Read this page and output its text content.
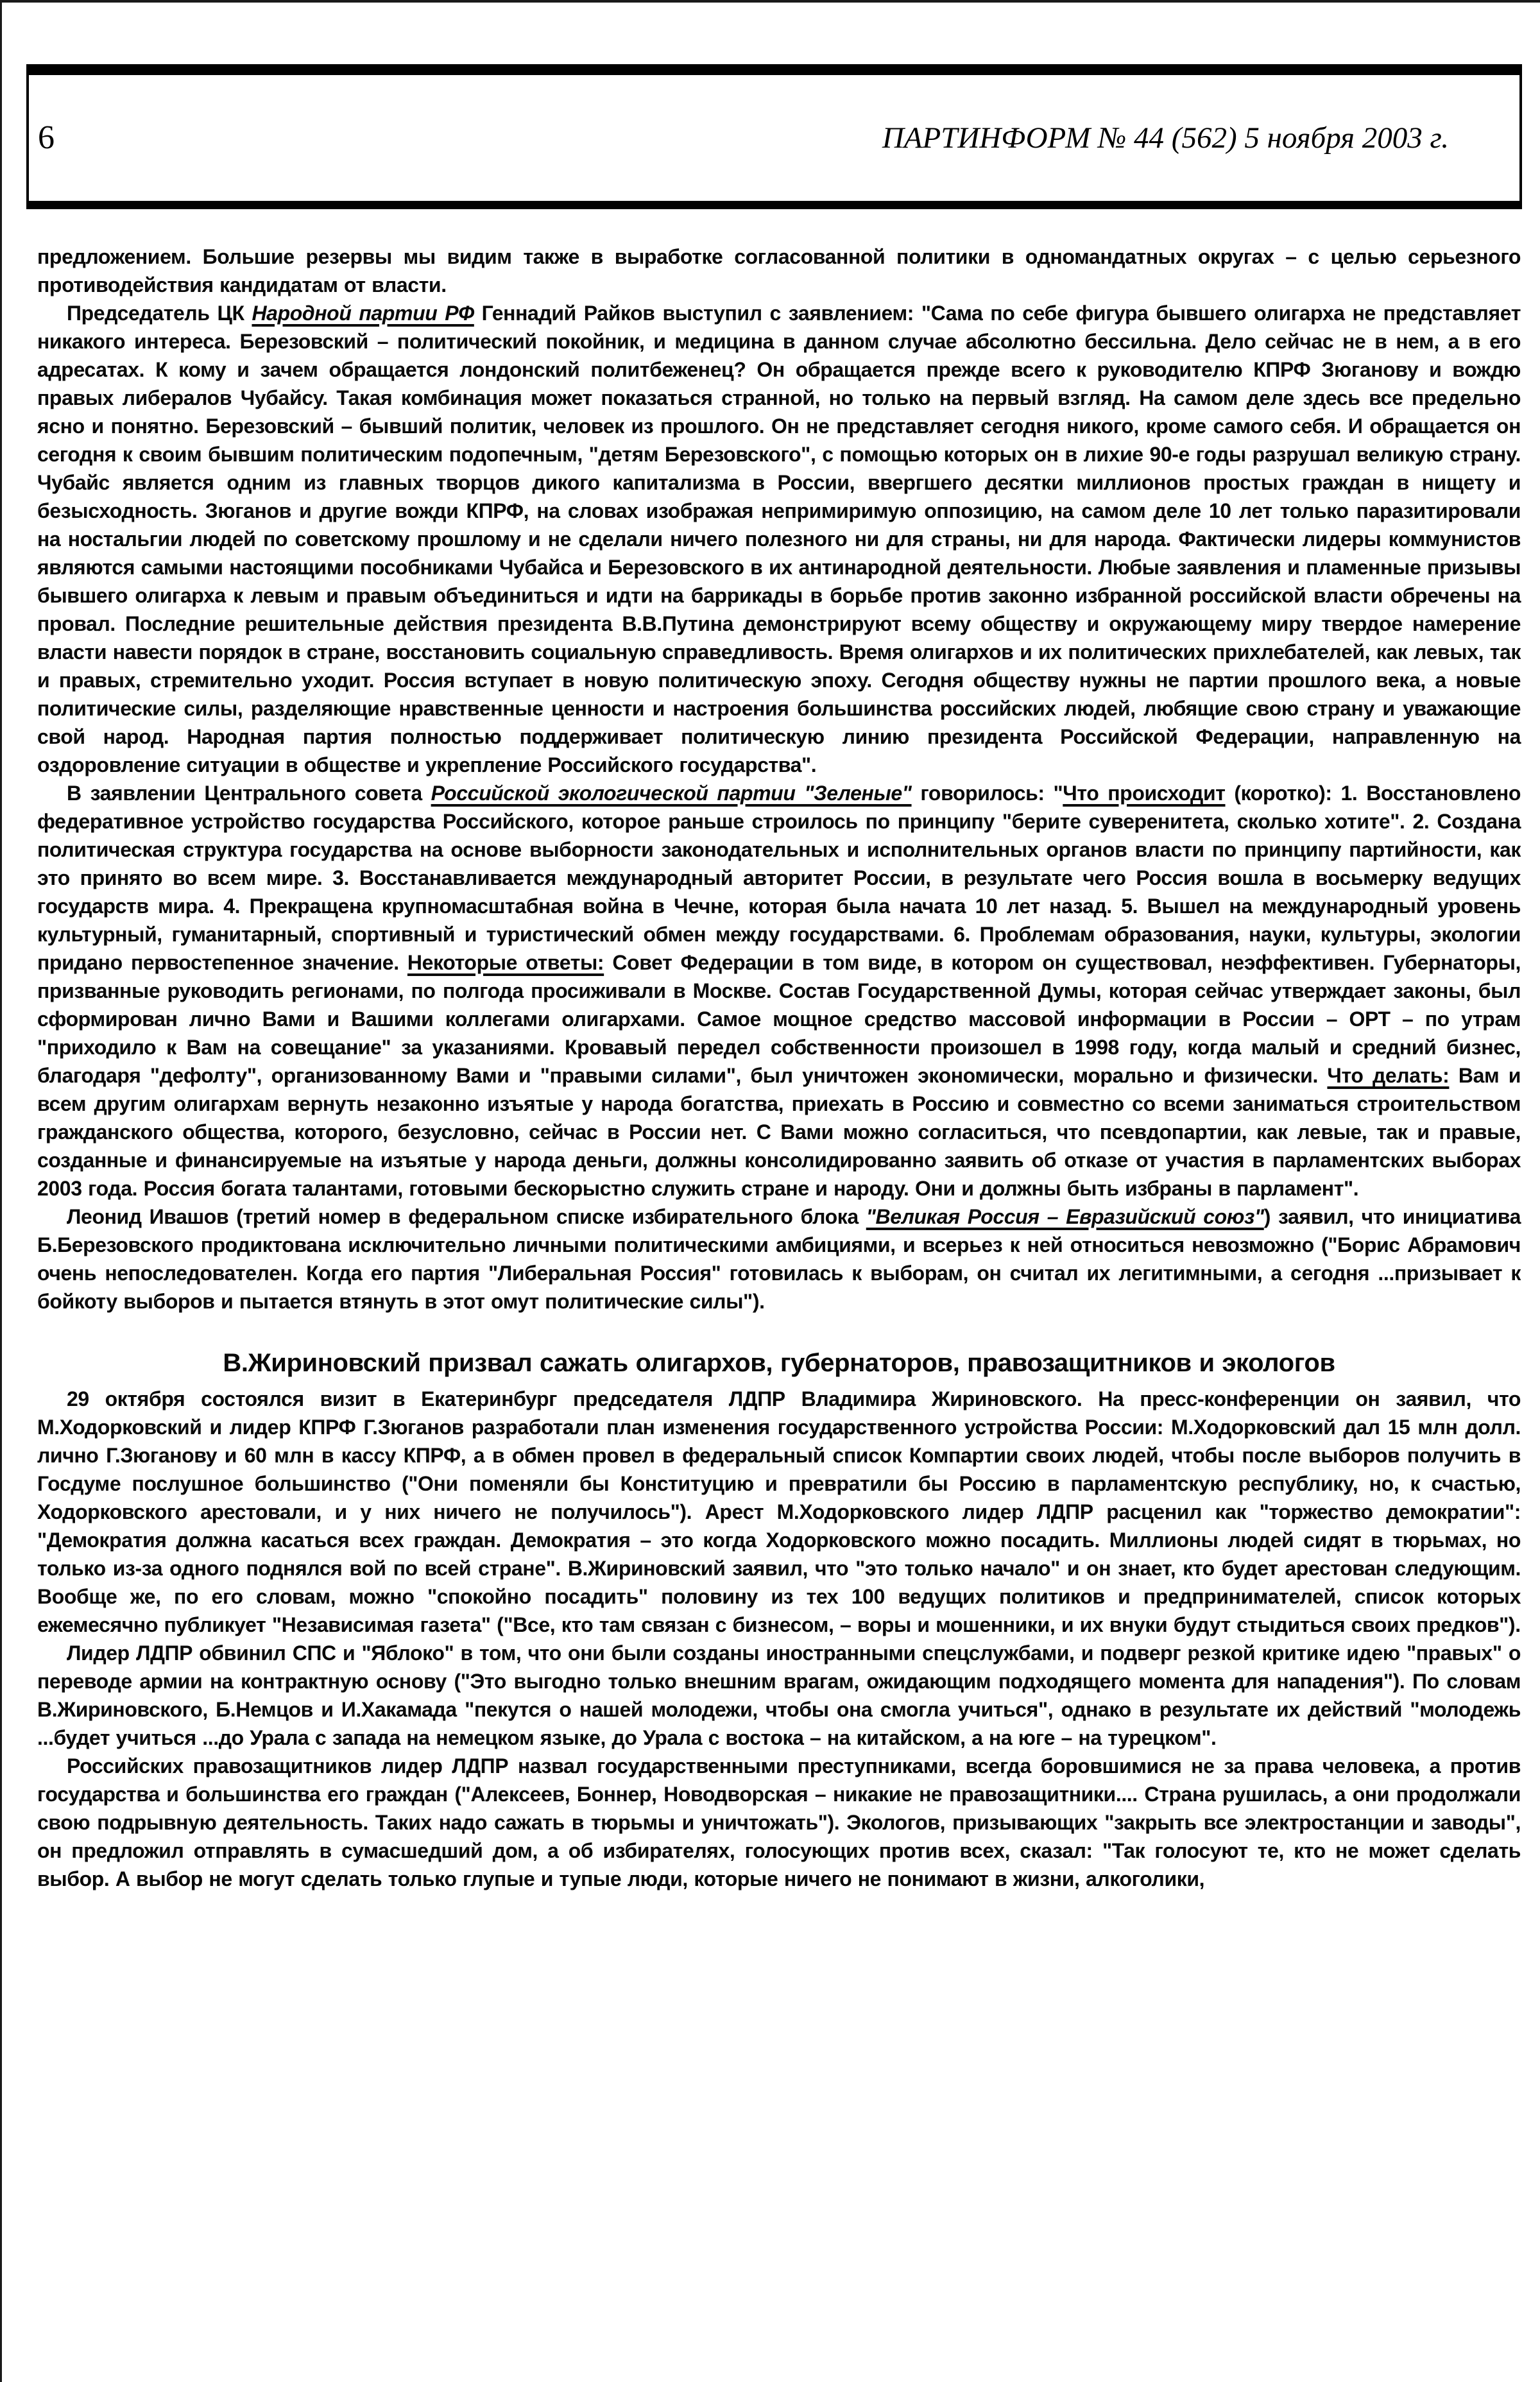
6	ПАРТИНФОРМ № 44 (562) 5 ноября 2003 г.

предложением. Большие резервы мы видим также в выработке согласованной политики в одномандатных округах – с целью серьезного противодействия кандидатам от власти.

Председатель ЦК Народной партии РФ Геннадий Райков выступил с заявлением: "Сама по себе фигура бывшего олигарха не представляет никакого интереса. Березовский – политический покойник, и медицина в данном случае абсолютно бессильна. Дело сейчас не в нем, а в его адресатах. К кому и зачем обращается лондонский политбеженец? Он обращается прежде всего к руководителю КПРФ Зюганову и вождю правых либералов Чубайсу. Такая комбинация может показаться странной, но только на первый взгляд. На самом деле здесь все предельно ясно и понятно. Березовский – бывший политик, человек из прошлого. Он не представляет сегодня никого, кроме самого себя. И обращается он сегодня к своим бывшим политическим подопечным, "детям Березовского", с помощью которых он в лихие 90-е годы разрушал великую страну. Чубайс является одним из главных творцов дикого капитализма в России, ввергшего десятки миллионов простых граждан в нищету и безысходность. Зюганов и другие вожди КПРФ, на словах изображая непримиримую оппозицию, на самом деле 10 лет только паразитировали на ностальгии людей по советскому прошлому и не сделали ничего полезного ни для страны, ни для народа. Фактически лидеры коммунистов являются самыми настоящими пособниками Чубайса и Березовского в их антинародной деятельности. Любые заявления и пламенные призывы бывшего олигарха к левым и правым объединиться и идти на баррикады в борьбе против законно избранной российской власти обречены на провал. Последние решительные действия президента В.В.Путина демонстрируют всему обществу и окружающему миру твердое намерение власти навести порядок в стране, восстановить социальную справедливость. Время олигархов и их политических прихлебателей, как левых, так и правых, стремительно уходит. Россия вступает в новую политическую эпоху. Сегодня обществу нужны не партии прошлого века, а новые политические силы, разделяющие нравственные ценности и настроения большинства российских людей, любящие свою страну и уважающие свой народ. Народная партия полностью поддерживает политическую линию президента Российской Федерации, направленную на оздоровление ситуации в обществе и укрепление Российского государства".

В заявлении Центрального совета Российской экологической партии "Зеленые" говорилось: "Что происходит (коротко): 1. Восстановлено федеративное устройство государства Российского, которое раньше строилось по принципу "берите суверенитета, сколько хотите". 2. Создана политическая структура государства на основе выборности законодательных и исполнительных органов власти по принципу партийности, как это принято во всем мире. 3. Восстанавливается международный авторитет России, в результате чего Россия вошла в восьмерку ведущих государств мира. 4. Прекращена крупномасштабная война в Чечне, которая была начата 10 лет назад. 5. Вышел на международный уровень культурный, гуманитарный, спортивный и туристический обмен между государствами. 6. Проблемам образования, науки, культуры, экологии придано первостепенное значение. Некоторые ответы: Совет Федерации в том виде, в котором он существовал, неэффективен. Губернаторы, призванные руководить регионами, по полгода просиживали в Москве. Состав Государственной Думы, которая сейчас утверждает законы, был сформирован лично Вами и Вашими коллегами олигархами. Самое мощное средство массовой информации в России – ОРТ – по утрам "приходило к Вам на совещание" за указаниями. Кровавый передел собственности произошел в 1998 году, когда малый и средний бизнес, благодаря "дефолту", организованному Вами и "правыми силами", был уничтожен экономически, морально и физически. Что делать: Вам и всем другим олигархам вернуть незаконно изъятые у народа богатства, приехать в Россию и совместно со всеми заниматься строительством гражданского общества, которого, безусловно, сейчас в России нет. С Вами можно согласиться, что псевдопартии, как левые, так и правые, созданные и финансируемые на изъятые у народа деньги, должны консолидированно заявить об отказе от участия в парламентских выборах 2003 года. Россия богата талантами, готовыми бескорыстно служить стране и народу. Они и должны быть избраны в парламент".

Леонид Ивашов (третий номер в федеральном списке избирательного блока "Великая Россия – Евразийский союз") заявил, что инициатива Б.Березовского продиктована исключительно личными политическими амбициями, и всерьез к ней относиться невозможно ("Борис Абрамович очень непоследователен. Когда его партия "Либеральная Россия" готовилась к выборам, он считал их легитимными, а сегодня ...призывает к бойкоту выборов и пытается втянуть в этот омут политические силы").

В.Жириновский призвал сажать олигархов, губернаторов, правозащитников и экологов

29 октября состоялся визит в Екатеринбург председателя ЛДПР Владимира Жириновского. На пресс-конференции он заявил, что М.Ходорковский и лидер КПРФ Г.Зюганов разработали план изменения государственного устройства России: М.Ходорковский дал 15 млн долл. лично Г.Зюганову и 60 млн в кассу КПРФ, а в обмен провел в федеральный список Компартии своих людей, чтобы после выборов получить в Госдуме послушное большинство ("Они поменяли бы Конституцию и превратили бы Россию в парламентскую республику, но, к счастью, Ходорковского арестовали, и у них ничего не получилось"). Арест М.Ходорковского лидер ЛДПР расценил как "торжество демократии": "Демократия должна касаться всех граждан. Демократия – это когда Ходорковского можно посадить. Миллионы людей сидят в тюрьмах, но только из-за одного поднялся вой по всей стране". В.Жириновский заявил, что "это только начало" и он знает, кто будет арестован следующим. Вообще же, по его словам, можно "спокойно посадить" половину из тех 100 ведущих политиков и предпринимателей, список которых ежемесячно публикует "Независимая газета" ("Все, кто там связан с бизнесом, – воры и мошенники, и их внуки будут стыдиться своих предков").

Лидер ЛДПР обвинил СПС и "Яблоко" в том, что они были созданы иностранными спецслужбами, и подверг резкой критике идею "правых" о переводе армии на контрактную основу ("Это выгодно только внешним врагам, ожидающим подходящего момента для нападения"). По словам В.Жириновского, Б.Немцов и И.Хакамада "пекутся о нашей молодежи, чтобы она смогла учиться", однако в результате их действий "молодежь ...будет учиться ...до Урала с запада на немецком языке, до Урала с востока – на китайском, а на юге – на турецком".

Российских правозащитников лидер ЛДПР назвал государственными преступниками, всегда боровшимися не за права человека, а против государства и большинства его граждан ("Алексеев, Боннер, Новодворская – никакие не правозащитники.... Страна рушилась, а они продолжали свою подрывную деятельность. Таких надо сажать в тюрьмы и уничтожать"). Экологов, призывающих "закрыть все электростанции и заводы", он предложил отправлять в сумасшедший дом, а об избирателях, голосующих против всех, сказал: "Так голосуют те, кто не может сделать выбор. А выбор не могут сделать только глупые и тупые люди, которые ничего не понимают в жизни, алкоголики,
